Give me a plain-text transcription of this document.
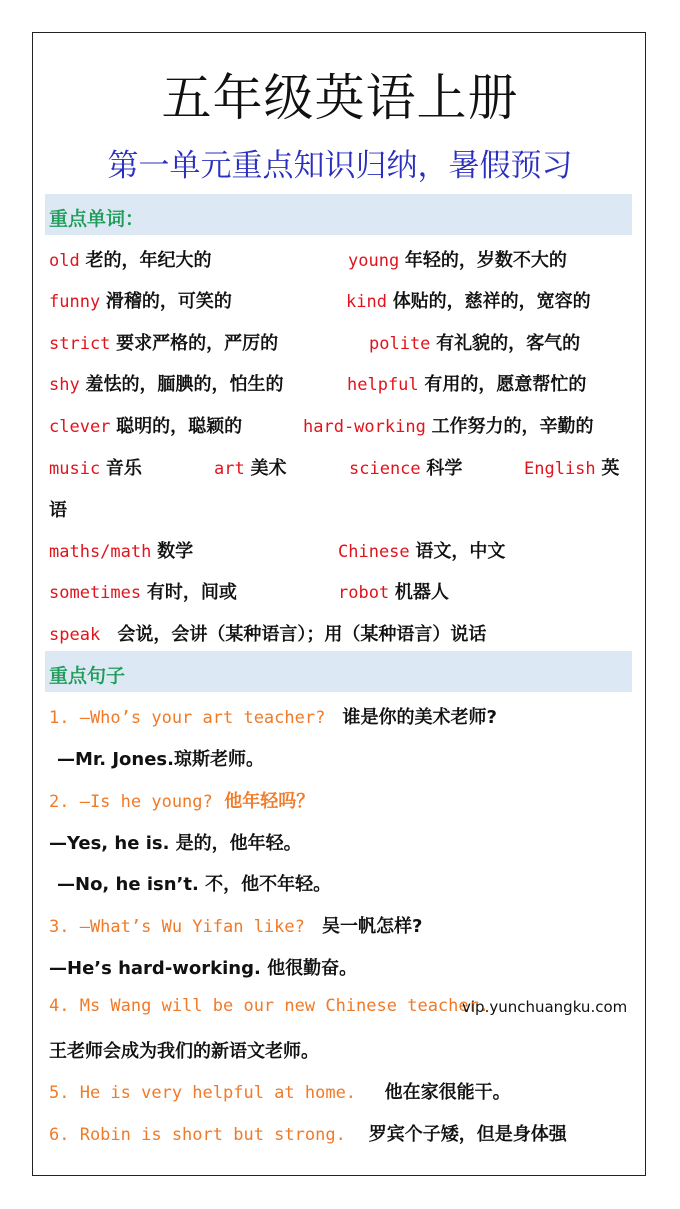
五年级英语上册
第一单元重点知识归纳，暑假预习
重点单词：
old 老的，年纪大的	young 年轻的，岁数不大的
funny 滑稽的，可笑的	kind 体贴的，慈祥的，宽容的
strict 要求严格的，严厉的	polite 有礼貌的，客气的
shy 羞怯的，腼腆的，怕生的	helpful 有用的，愿意帮忙的
clever 聪明的，聪颖的	hard-working 工作努力的，辛勤的
music 音乐	art 美术	science 科学	English 英
语
maths/math 数学	Chinese 语文，中文
sometimes 有时，间或	robot 机器人
speak 会说，会讲（某种语言）；用（某种语言）说话
重点句子
1. —Who’s your art teacher? 谁是你的美术老师?
—Mr. Jones.琼斯老师。
2. —Is he young? 他年轻吗？
—Yes, he is. 是的，他年轻。
—No, he isn’t. 不，他不年轻。
3. —What’s Wu Yifan like? 吴一帆怎样?
—He’s hard-working. 他很勤奋。
4. Ms Wang will be our new Chinese teacher.
vip.yunchuangku.com
王老师会成为我们的新语文老师。
5. He is very helpful at home. 他在家很能干。
6. Robin is short but strong. 罗宾个子矮，但是身体强
